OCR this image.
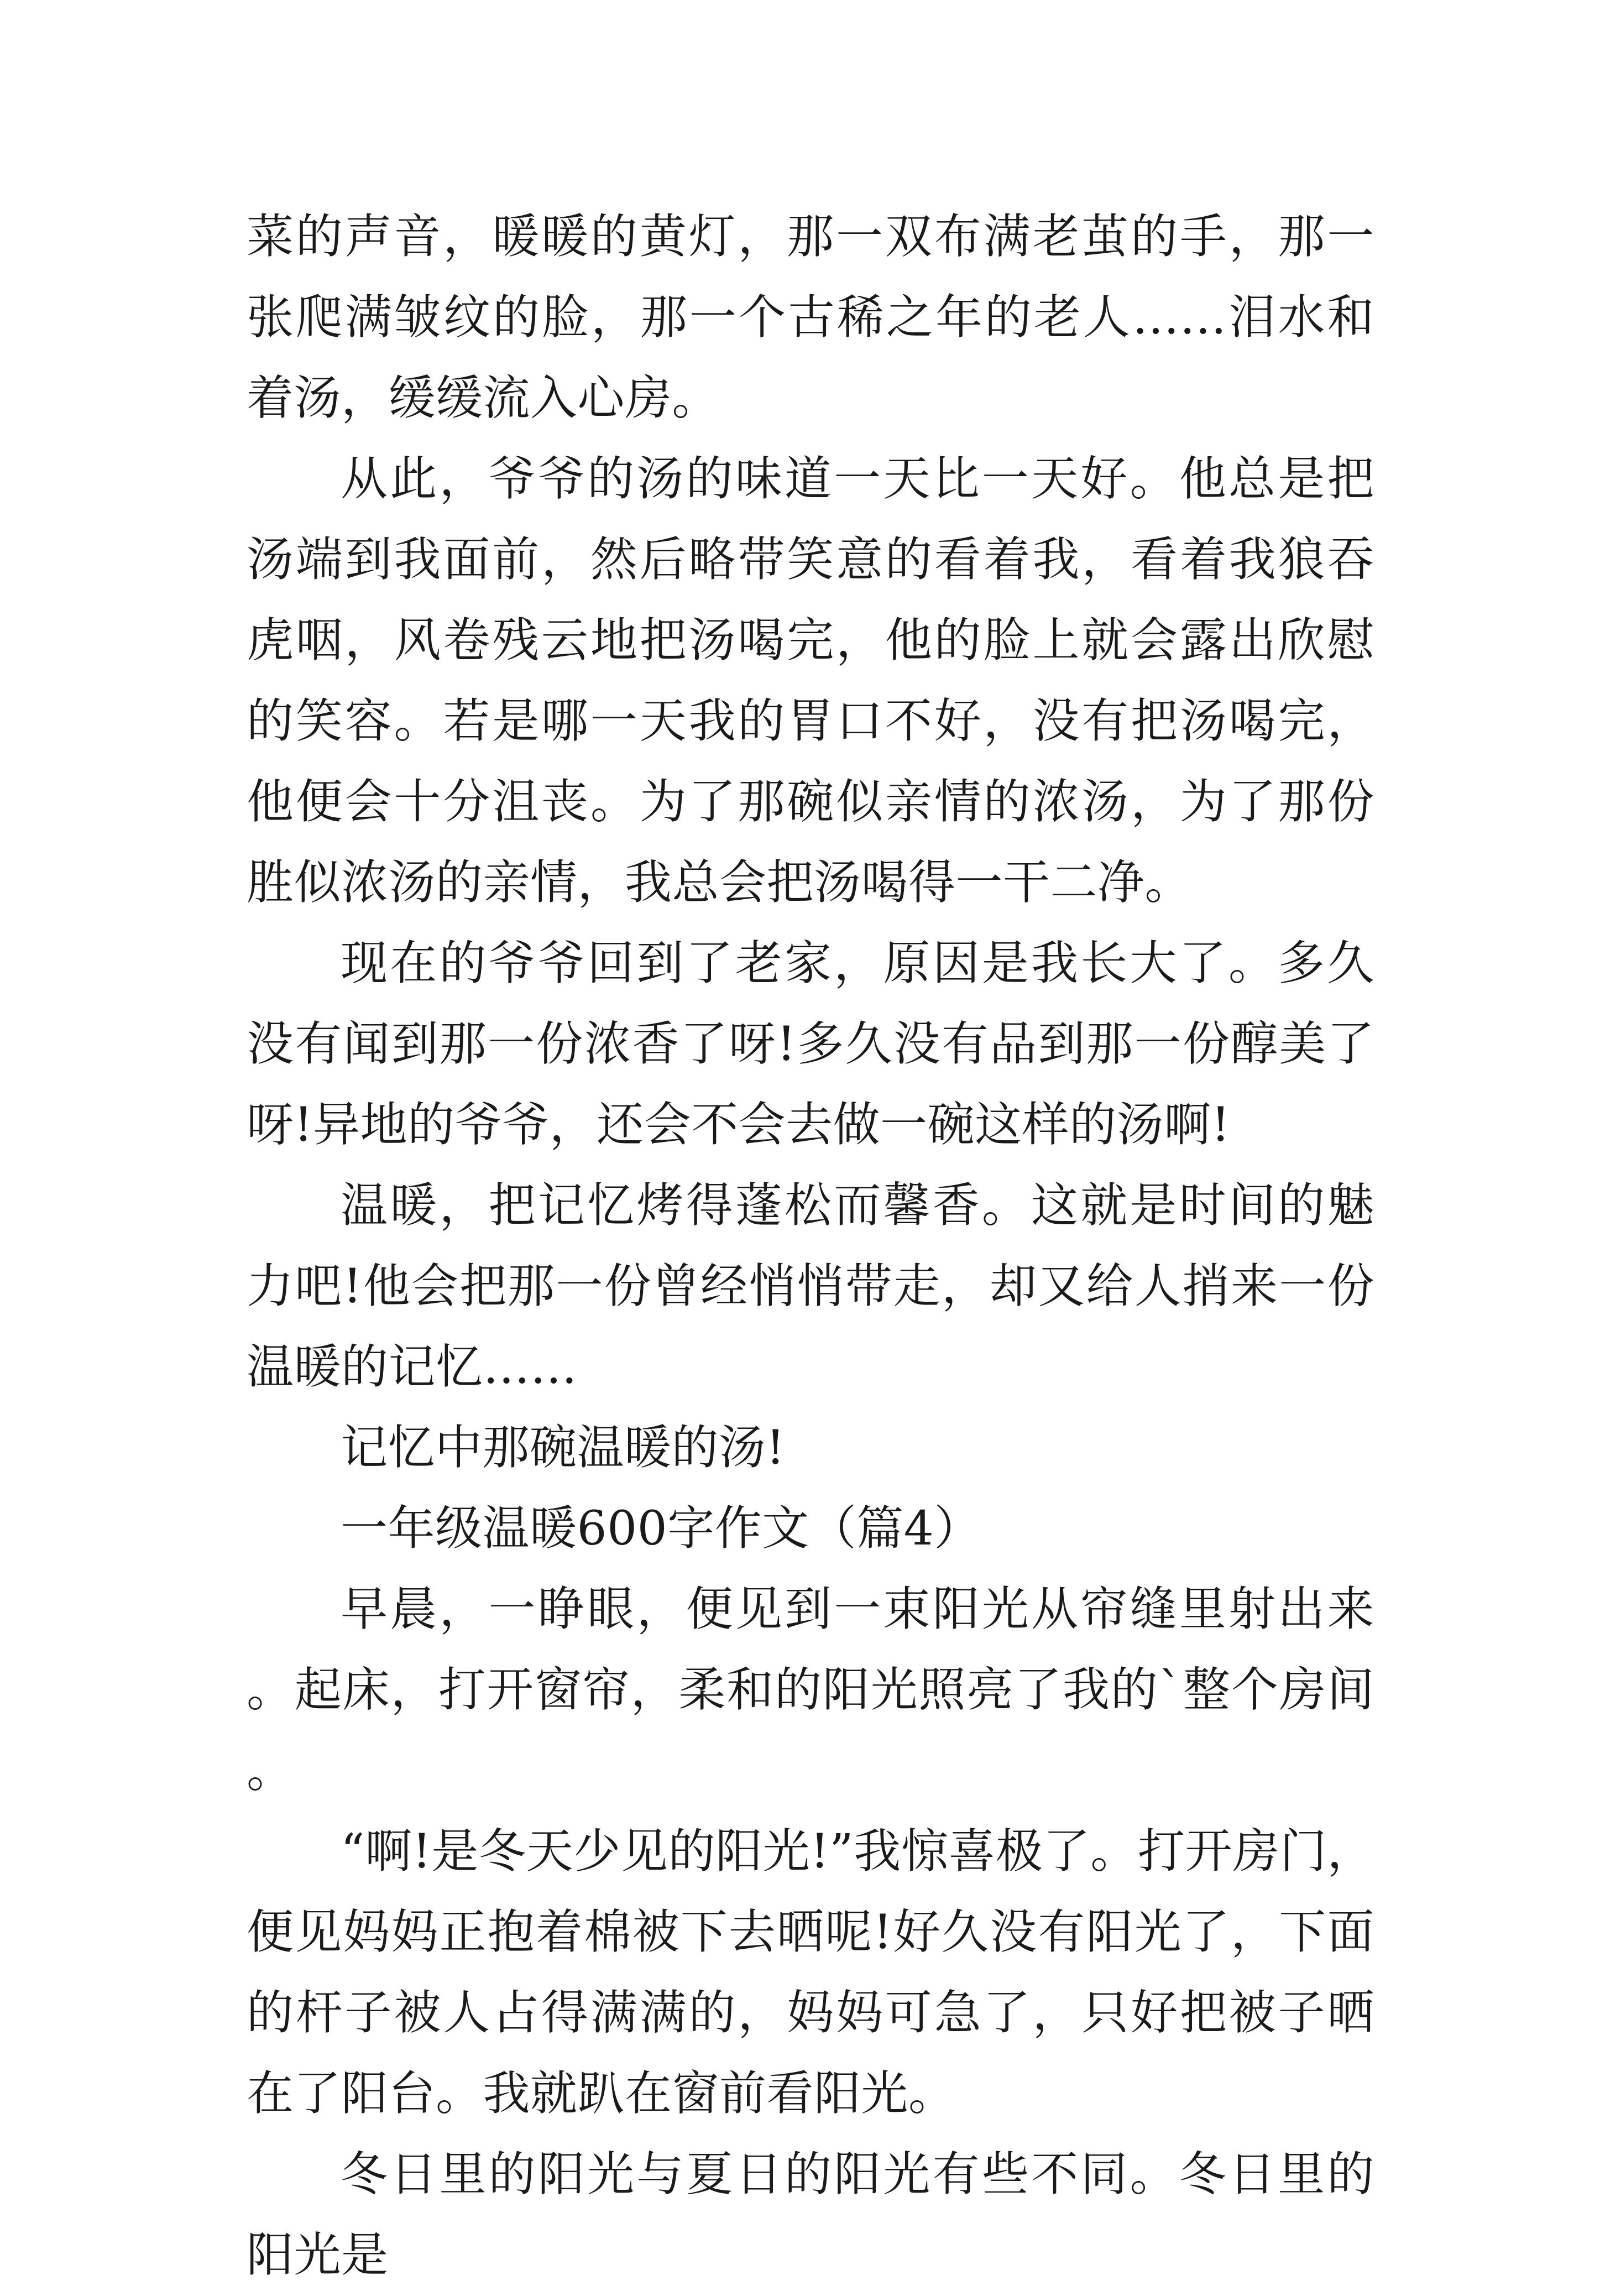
菜的声音，暖暖的黄灯，那一双布满老茧的手，那一张爬满皱纹的脸，那一个古稀之年的老人……泪水和着汤，缓缓流入心房。

从此，爷爷的汤的味道一天比一天好。他总是把汤端到我面前，然后略带笑意的看着我，看着我狼吞虎咽，风卷残云地把汤喝完，他的脸上就会露出欣慰的笑容。若是哪一天我的胃口不好，没有把汤喝完，他便会十分沮丧。为了那碗似亲情的浓汤，为了那份胜似浓汤的亲情，我总会把汤喝得一干二净。

现在的爷爷回到了老家，原因是我长大了。多久没有闻到那一份浓香了呀!多久没有品到那一份醇美了呀!异地的爷爷，还会不会去做一碗这样的汤啊!

温暖，把记忆烤得蓬松而馨香。这就是时间的魅力吧!他会把那一份曾经悄悄带走，却又给人捎来一份温暖的记忆……

记忆中那碗温暖的汤!

一年级温暖600字作文（篇4）

早晨，一睁眼，便见到一束阳光从帘缝里射出来。起床，打开窗帘，柔和的阳光照亮了我的`整个房间。

“啊!是冬天少见的阳光!”我惊喜极了。打开房门，便见妈妈正抱着棉被下去晒呢!好久没有阳光了，下面的杆子被人占得满满的，妈妈可急了，只好把被子晒在了阳台。我就趴在窗前看阳光。

冬日里的阳光与夏日的阳光有些不同。冬日里的阳光是
